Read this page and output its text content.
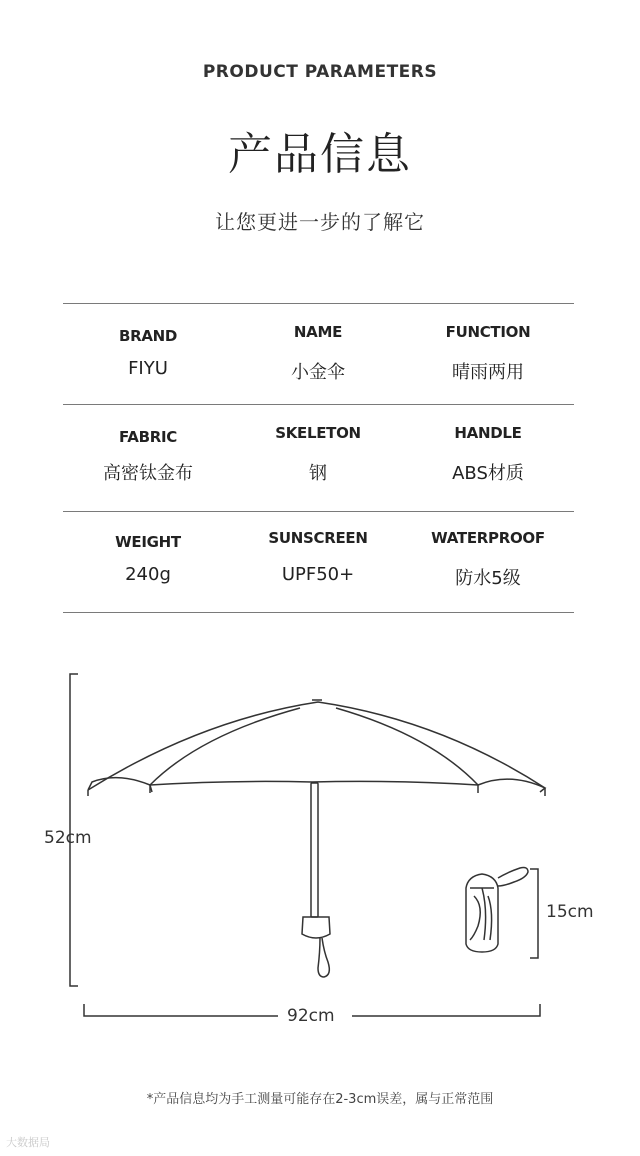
PRODUCT PARAMETERS
产品信息
让您更进一步的了解它
BRAND
FIYU
NAME
小金伞
FUNCTION
晴雨两用
FABRIC
高密钛金布
SKELETON
钢
HANDLE
ABS材质
WEIGHT
240g
SUNSCREEN
UPF50+
WATERPROOF
防水5级
52cm
92cm
15cm
*产品信息均为手工测量可能存在2-3cm误差，属与正常范围
大数据局
